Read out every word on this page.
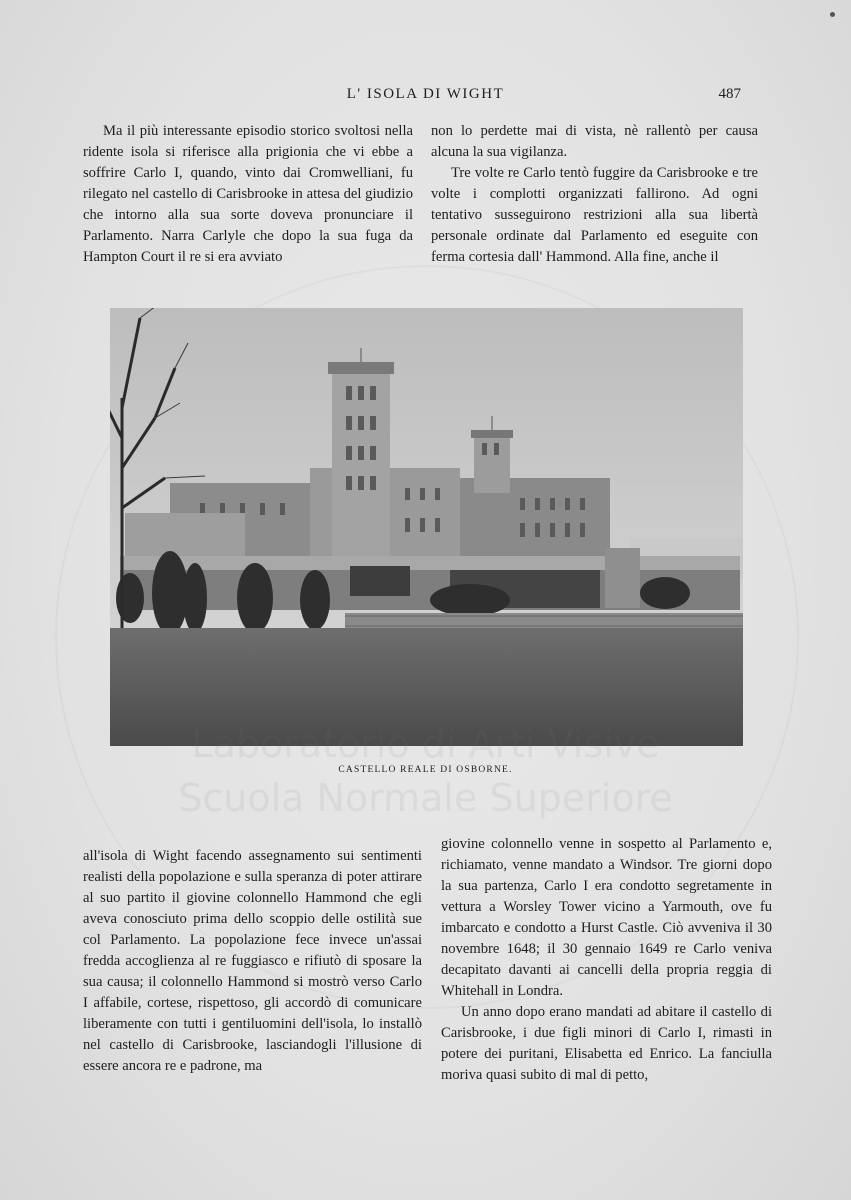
L' ISOLA DI WIGHT	487

Ma il più interessante episodio storico svoltosi nella ridente isola si riferisce alla prigionia che vi ebbe a soffrire Carlo I, quando, vinto dai Cromwelliani, fu rilegato nel castello di Carisbrooke in attesa del giudizio che intorno alla sua sorte doveva pronunciare il Parlamento. Narra Carlyle che dopo la sua fuga da Hampton Court il re si era avviato

non lo perdette mai di vista, nè rallentò per causa alcuna la sua vigilanza.

Tre volte re Carlo tentò fuggire da Carisbrooke e tre volte i complotti organizzati fallirono. Ad ogni tentativo susseguirono restrizioni alla sua libertà personale ordinate dal Parlamento ed eseguite con ferma cortesia dall' Hammond. Alla fine, anche il

CASTELLO REALE DI OSBORNE.
Scuola Normale Superiore

all'isola di Wight facendo assegnamento sui sentimenti realisti della popolazione e sulla speranza di poter attirare al suo partito il giovine colonnello Hammond che egli aveva conosciuto prima dello scoppio delle ostilità sue col Parlamento. La popolazione fece invece un'assai fredda accoglienza al re fuggiasco e rifiutò di sposare la sua causa; il colonnello Hammond si mostrò verso Carlo I affabile, cortese, rispettoso, gli accordò di comunicare liberamente con tutti i gentiluomini dell'isola, lo installò nel castello di Carisbrooke, lasciandogli l'illusione di essere ancora re e padrone, ma

giovine colonnello venne in sospetto al Parlamento e, richiamato, venne mandato a Windsor. Tre giorni dopo la sua partenza, Carlo I era condotto segretamente in vettura a Worsley Tower vicino a Yarmouth, ove fu imbarcato e condotto a Hurst Castle. Ciò avveniva il 30 novembre 1648; il 30 gennaio 1649 re Carlo veniva decapitato davanti ai cancelli della propria reggia di Whitehall in Londra.

Un anno dopo erano mandati ad abitare il castello di Carisbrooke, i due figli minori di Carlo I, rimasti in potere dei puritani, Elisabetta ed Enrico. La fanciulla moriva quasi subito di mal di petto,
